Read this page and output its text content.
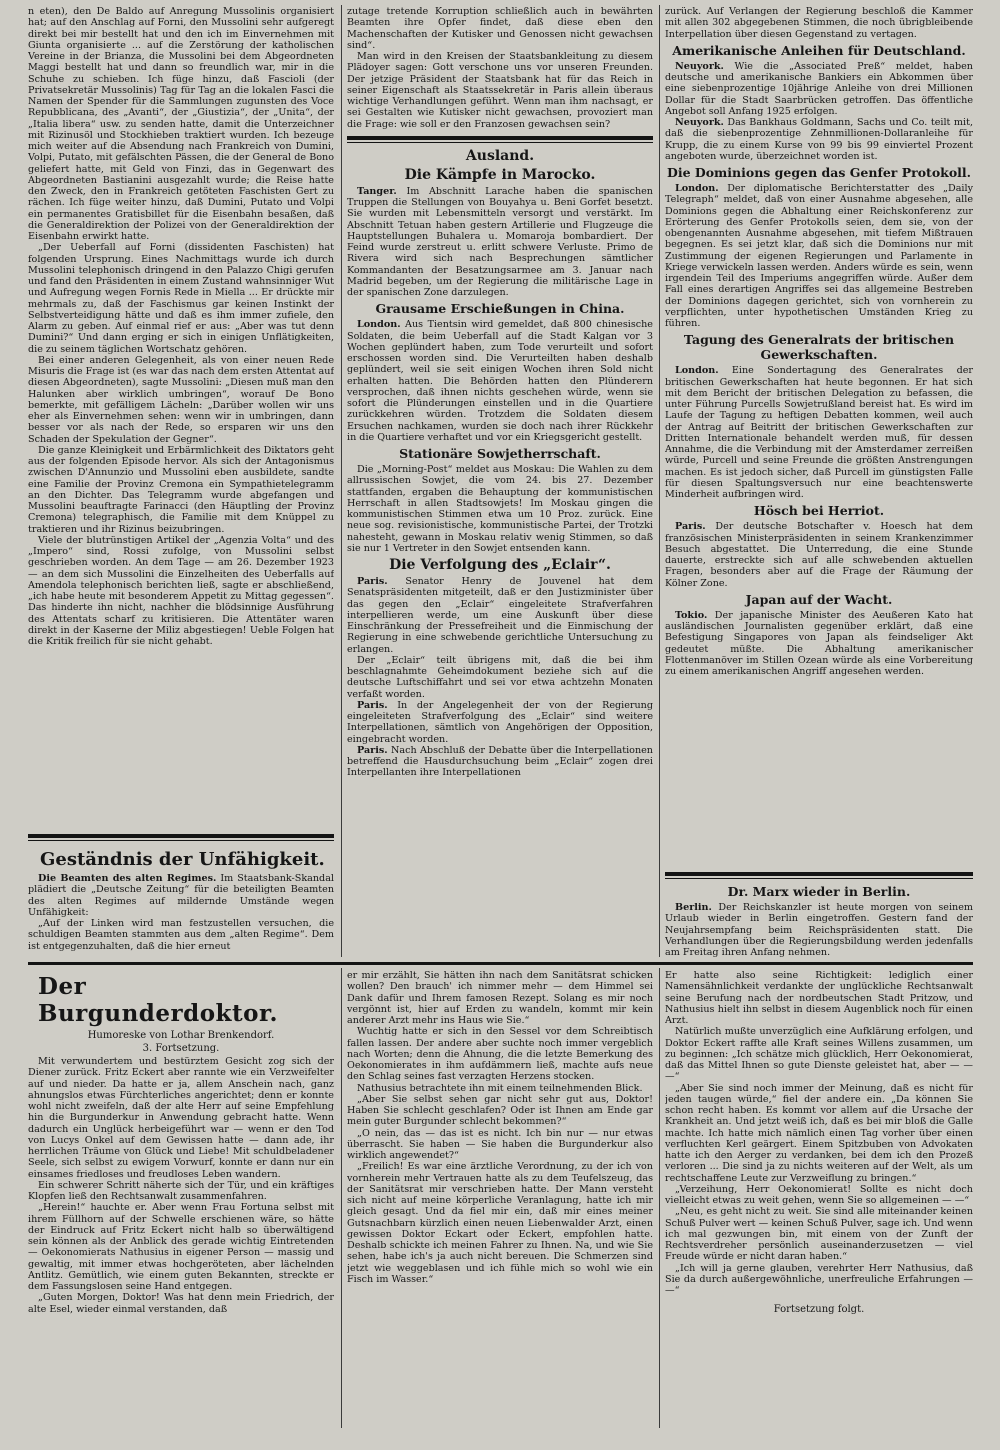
n eten), den De Baldo auf Anregung Mussolinis organisiert hat; auf den Anschlag auf Forni, den Mussolini sehr aufgeregt direkt bei mir bestellt hat und den ich im Einvernehmen mit Giunta organisierte ... auf die Zerstörung der katholischen Vereine in der Brianza, die Mussolini bei dem Abgeordneten Maggi bestellt hat und dann so freundlich war, mir in die Schuhe zu schieben. Ich füge hinzu, daß Fascioli (der Privatsekretär Mussolinis) Tag für Tag an die lokalen Fasci die Namen der Spender für die Sammlungen zugunsten des Voce Repubblicana, des „Avanti“, der „Giustizia“, der „Unita“, der „Italia libera“ usw. zu senden hatte, damit die Unterzeichner mit Rizinusöl und Stockhieben traktiert wurden. Ich bezeuge mich weiter auf die Absendung nach Frankreich von Dumini, Volpi, Putato, mit gefälschten Pässen, die der General de Bono geliefert hatte, mit Geld von Finzi, das in Gegenwart des Abgeordneten Bastianini ausgezahlt wurde; die Reise hatte den Zweck, den in Frankreich getöteten Faschisten Gert zu rächen. Ich füge weiter hinzu, daß Dumini, Putato und Volpi ein permanentes Gratisbillet für die Eisenbahn besaßen, daß die Generaldirektion der Polizei von der Generaldirektion der Eisenbahn erwirkt hatte.

„Der Ueberfall auf Forni (dissidenten Faschisten) hat folgenden Ursprung. Eines Nachmittags wurde ich durch Mussolini telephonisch dringend in den Palazzo Chigi gerufen und fand den Präsidenten in einem Zustand wahnsinniger Wut und Aufregung wegen Fornis Rede in Miella ... Er drückte mir mehrmals zu, daß der Faschismus gar keinen Instinkt der Selbstverteidigung hätte und daß es ihm immer zufiele, den Alarm zu geben. Auf einmal rief er aus: „Aber was tut denn Dumini?“ Und dann erging er sich in einigen Unflätigkeiten, die zu seinem täglichen Wortschatz gehören.

Bei einer anderen Gelegenheit, als von einer neuen Rede Misuris die Frage ist (es war das nach dem ersten Attentat auf diesen Abgeordneten), sagte Mussolini: „Diesen muß man den Halunken aber wirklich umbringen“, worauf De Bono bemerkte, mit gefälligem Lächeln: „Darüber wollen wir uns eher als Einvernehmen sehen: wenn wir in umbringen, dann besser vor als nach der Rede, so ersparen wir uns den Schaden der Spekulation der Gegner“.

Die ganze Kleinigkeit und Erbärmlichkeit des Diktators geht aus der folgenden Episode hervor. Als sich der Antagonismus zwischen D'Annunzio und Mussolini eben ausbildete, sandte eine Familie der Provinz Cremona ein Sympathietelegramm an den Dichter. Das Telegramm wurde abgefangen und Mussolini beauftragte Farinacci (den Häuptling der Provinz Cremona) telegraphisch, die Familie mit dem Knüppel zu traktieren und ihr Rizinus beizubringen.

Viele der blutrünstigen Artikel der „Agenzia Volta“ und des „Impero“ sind, Rossi zufolge, von Mussolini selbst geschrieben worden. An dem Tage — am 26. Dezember 1923 — an dem sich Mussolini die Einzelheiten des Ueberfalls auf Amendola telephonisch berichten ließ, sagte er abschließend, „ich habe heute mit besonderem Appetit zu Mittag gegessen“. Das hinderte ihn nicht, nachher die blödsinnige Ausführung des Attentats scharf zu kritisieren. Die Attentäter waren direkt in der Kaserne der Miliz abgestiegen! Ueble Folgen hat die Kritik freilich für sie nicht gehabt.

Geständnis der Unfähigkeit.

Die Beamten des alten Regimes. Im Staatsbank-Skandal plädiert die „Deutsche Zeitung“ für die beteiligten Beamten des alten Regimes auf mildernde Umstände wegen Unfähigkeit:

„Auf der Linken wird man festzustellen versuchen, die schuldigen Beamten stammten aus dem „alten Regime“. Dem ist entgegenzuhalten, daß die hier erneut

zutage tretende Korruption schließlich auch in bewährten Beamten ihre Opfer findet, daß diese eben den Machenschaften der Kutisker und Genossen nicht gewachsen sind“.

Man wird in den Kreisen der Staatsbankleitung zu diesem Plädoyer sagen: Gott verschone uns vor unseren Freunden. Der jetzige Präsident der Staatsbank hat für das Reich in seiner Eigenschaft als Staatssekretär in Paris allein überaus wichtige Verhandlungen geführt. Wenn man ihm nachsagt, er sei Gestalten wie Kutisker nicht gewachsen, provoziert man die Frage: wie soll er den Franzosen gewachsen sein?

Ausland.
Die Kämpfe in Marocko.

Tanger. Im Abschnitt Larache haben die spanischen Truppen die Stellungen von Bouyahya u. Beni Gorfet besetzt. Sie wurden mit Lebensmitteln versorgt und verstärkt. Im Abschnitt Tetuan haben gestern Artillerie und Flugzeuge die Hauptstellungen Buhalera u. Momaroja bombardiert. Der Feind wurde zerstreut u. erlitt schwere Verluste. Primo de Rivera wird sich nach Besprechungen sämtlicher Kommandanten der Besatzungsarmee am 3. Januar nach Madrid begeben, um der Regierung die militärische Lage in der spanischen Zone darzulegen.

Grausame Erschießungen in China.

London. Aus Tientsin wird gemeldet, daß 800 chinesische Soldaten, die beim Ueberfall auf die Stadt Kalgan vor 3 Wochen geplündert haben, zum Tode verurteilt und sofort erschossen worden sind. Die Verurteilten haben deshalb geplündert, weil sie seit einigen Wochen ihren Sold nicht erhalten hatten. Die Behörden hatten den Plünderern versprochen, daß ihnen nichts geschehen würde, wenn sie sofort die Plünderungen einstellen und in die Quartiere zurückkehren würden. Trotzdem die Soldaten diesem Ersuchen nachkamen, wurden sie doch nach ihrer Rückkehr in die Quartiere verhaftet und vor ein Kriegsgericht gestellt.

Stationäre Sowjetherrschaft.

Die „Morning-Post“ meldet aus Moskau: Die Wahlen zu dem allrussischen Sowjet, die vom 24. bis 27. Dezember stattfanden, ergaben die Behauptung der kommunistischen Herrschaft in allen Stadtsowjets! Im Moskau gingen die kommunistischen Stimmen etwa um 10 Proz. zurück. Eine neue sog. revisionistische, kommunistische Partei, der Trotzki nahesteht, gewann in Moskau relativ wenig Stimmen, so daß sie nur 1 Vertreter in den Sowjet entsenden kann.

Die Verfolgung des „Eclair“.

Paris. Senator Henry de Jouvenel hat dem Senatspräsidenten mitgeteilt, daß er den Justizminister über das gegen den „Eclair“ eingeleitete Strafverfahren interpellieren werde, um eine Auskunft über diese Einschränkung der Pressefreiheit und die Einmischung der Regierung in eine schwebende gerichtliche Untersuchung zu erlangen.

Der „Eclair“ teilt übrigens mit, daß die bei ihm beschlagnahmte Geheimdokument beziehe sich auf die deutsche Luftschiffahrt und sei vor etwa achtzehn Monaten verfaßt worden.

Paris. In der Angelegenheit der von der Regierung eingeleiteten Strafverfolgung des „Eclair“ sind weitere Interpellationen, sämtlich von Angehörigen der Opposition, eingebracht worden.

Paris. Nach Abschluß der Debatte über die Interpellationen betreffend die Hausdurchsuchung beim „Eclair“ zogen drei Interpellanten ihre Interpellationen

zurück. Auf Verlangen der Regierung beschloß die Kammer mit allen 302 abgegebenen Stimmen, die noch übrigbleibende Interpellation über diesen Gegenstand zu vertagen.

Amerikanische Anleihen für Deutschland.

Neuyork. Wie die „Associated Preß“ meldet, haben deutsche und amerikanische Bankiers ein Abkommen über eine siebenprozentige 10jährige Anleihe von drei Millionen Dollar für die Stadt Saarbrücken getroffen. Das öffentliche Angebot soll Anfang 1925 erfolgen.

Neuyork. Das Bankhaus Goldmann, Sachs und Co. teilt mit, daß die siebenprozentige Zehnmillionen-Dollaranleihe für Krupp, die zu einem Kurse von 99 bis 99 einviertel Prozent angeboten wurde, überzeichnet worden ist.

Die Dominions gegen das Genfer Protokoll.

London. Der diplomatische Berichterstatter des „Daily Telegraph“ meldet, daß von einer Ausnahme abgesehen, alle Dominions gegen die Abhaltung einer Reichskonferenz zur Erörterung des Genfer Protokolls seien, dem sie, von der obengenannten Ausnahme abgesehen, mit tiefem Mißtrauen begegnen. Es sei jetzt klar, daß sich die Dominions nur mit Zustimmung der eigenen Regierungen und Parlamente in Kriege verwickeln lassen werden. Anders würde es sein, wenn irgendein Teil des Imperiums angegriffen würde. Außer dem Fall eines derartigen Angriffes sei das allgemeine Bestreben der Dominions dagegen gerichtet, sich von vornherein zu verpflichten, unter hypothetischen Umständen Krieg zu führen.

Tagung des Generalrats der britischen Gewerkschaften.

London. Eine Sondertagung des Generalrates der britischen Gewerkschaften hat heute begonnen. Er hat sich mit dem Bericht der britischen Delegation zu befassen, die unter Führung Purcells Sowjetrußland bereist hat. Es wird im Laufe der Tagung zu heftigen Debatten kommen, weil auch der Antrag auf Beitritt der britischen Gewerkschaften zur Dritten Internationale behandelt werden muß, für dessen Annahme, die die Verbindung mit der Amsterdamer zerreißen würde, Purcell und seine Freunde die größten Anstrengungen machen. Es ist jedoch sicher, daß Purcell im günstigsten Falle für diesen Spaltungsversuch nur eine beachtenswerte Minderheit aufbringen wird.

Hösch bei Herriot.

Paris. Der deutsche Botschafter v. Hoesch hat dem französischen Ministerpräsidenten in seinem Krankenzimmer Besuch abgestattet. Die Unterredung, die eine Stunde dauerte, erstreckte sich auf alle schwebenden aktuellen Fragen, besonders aber auf die Frage der Räumung der Kölner Zone.

Japan auf der Wacht.

Tokio. Der japanische Minister des Aeußeren Kato hat ausländischen Journalisten gegenüber erklärt, daß eine Befestigung Singapores von Japan als feindseliger Akt gedeutet müßte. Die Abhaltung amerikanischer Flottenmanöver im Stillen Ozean würde als eine Vorbereitung zu einem amerikanischen Angriff angesehen werden.

Dr. Marx wieder in Berlin.

Berlin. Der Reichskanzler ist heute morgen von seinem Urlaub wieder in Berlin eingetroffen. Gestern fand der Neujahrsempfang beim Reichspräsidenten statt. Die Verhandlungen über die Regierungsbildung werden jedenfalls am Freitag ihren Anfang nehmen.

Der Burgunderdoktor.
Humoreske von Lothar Brenkendorf.
3. Fortsetzung.

Mit verwundertem und bestürztem Gesicht zog sich der Diener zurück. Fritz Eckert aber rannte wie ein Verzweifelter auf und nieder. Da hatte er ja, allem Anschein nach, ganz ahnungslos etwas Fürchterliches angerichtet; denn er konnte wohl nicht zweifeln, daß der alte Herr auf seine Empfehlung hin die Burgunderkur in Anwendung gebracht hatte. Wenn dadurch ein Unglück herbeigeführt war — wenn er den Tod von Lucys Onkel auf dem Gewissen hatte — dann ade, ihr herrlichen Träume von Glück und Liebe! Mit schuldbeladener Seele, sich selbst zu ewigem Vorwurf, konnte er dann nur ein einsames friedloses und freudloses Leben wandern.

Ein schwerer Schritt näherte sich der Tür, und ein kräftiges Klopfen ließ den Rechtsanwalt zusammenfahren.

„Herein!“ hauchte er. Aber wenn Frau Fortuna selbst mit ihrem Füllhorn auf der Schwelle erschienen wäre, so hätte der Eindruck auf Fritz Eckert nicht halb so überwältigend sein können als der Anblick des gerade wichtig Eintretenden — Oekonomierats Nathusius in eigener Person — massig und gewaltig, mit immer etwas hochgeröteten, aber lächelnden Antlitz. Gemütlich, wie einem guten Bekannten, streckte er dem Fassungslosen seine Hand entgegen.

„Guten Morgen, Doktor! Was hat denn mein Friedrich, der alte Esel, wieder einmal verstanden, daß

er mir erzählt, Sie hätten ihn nach dem Sanitätsrat schicken wollen? Den brauch' ich nimmer mehr — dem Himmel sei Dank dafür und Ihrem famosen Rezept. Solang es mir noch vergönnt ist, hier auf Erden zu wandeln, kommt mir kein anderer Arzt mehr ins Haus wie Sie.“

Wuchtig hatte er sich in den Sessel vor dem Schreibtisch fallen lassen. Der andere aber suchte noch immer vergeblich nach Worten; denn die Ahnung, die die letzte Bemerkung des Oekonomierates in ihm aufdämmern ließ, machte aufs neue den Schlag seines fast verzagten Herzens stocken.

Nathusius betrachtete ihn mit einem teilnehmenden Blick.

„Aber Sie selbst sehen gar nicht sehr gut aus, Doktor! Haben Sie schlecht geschlafen? Oder ist Ihnen am Ende gar mein guter Burgunder schlecht bekommen?“

„O nein, das — das ist es nicht. Ich bin nur — nur etwas überrascht. Sie haben — Sie haben die Burgunderkur also wirklich angewendet?“

„Freilich! Es war eine ärztliche Verordnung, zu der ich von vornherein mehr Vertrauen hatte als zu dem Teufelszeug, das der Sanitätsrat mir verschrieben hatte. Der Mann versteht sich nicht auf meine körperliche Veranlagung, hatte ich mir gleich gesagt. Und da fiel mir ein, daß mir eines meiner Gutsnachbarn kürzlich einen neuen Liebenwalder Arzt, einen gewissen Doktor Eckart oder Eckert, empfohlen hatte. Deshalb schickte ich meinen Fahrer zu Ihnen. Na, und wie Sie sehen, habe ich's ja auch nicht bereuen. Die Schmerzen sind jetzt wie weggeblasen und ich fühle mich so wohl wie ein Fisch im Wasser.“

Er hatte also seine Richtigkeit: lediglich einer Namensähnlichkeit verdankte der unglückliche Rechtsanwalt seine Berufung nach der nordbeutschen Stadt Pritzow, und Nathusius hielt ihn selbst in diesem Augenblick noch für einen Arzt.

Natürlich mußte unverzüglich eine Aufklärung erfolgen, und Doktor Eckert raffte alle Kraft seines Willens zusammen, um zu beginnen: „Ich schätze mich glücklich, Herr Oekonomierat, daß das Mittel Ihnen so gute Dienste geleistet hat, aber — — —“

„Aber Sie sind noch immer der Meinung, daß es nicht für jeden taugen würde,“ fiel der andere ein. „Da können Sie schon recht haben. Es kommt vor allem auf die Ursache der Krankheit an. Und jetzt weiß ich, daß es bei mir bloß die Galle machte. Ich hatte mich nämlich einen Tag vorher über einen verfluchten Kerl geärgert. Einem Spitzbuben von Advokaten hatte ich den Aerger zu verdanken, bei dem ich den Prozeß verloren ... Die sind ja zu nichts weiteren auf der Welt, als um rechtschaffene Leute zur Verzweiflung zu bringen.“

„Verzeihung, Herr Oekonomierat! Sollte es nicht doch vielleicht etwas zu weit gehen, wenn Sie so allgemeinen — —“

„Neu, es geht nicht zu weit. Sie sind alle miteinander keinen Schuß Pulver wert — keinen Schuß Pulver, sage ich. Und wenn ich mal gezwungen bin, mit einem von der Zunft der Rechtsverdreher persönlich auseinanderzusetzen — viel Freude würde er nicht daran haben.“

„Ich will ja gerne glauben, verehrter Herr Nathusius, daß Sie da durch außergewöhnliche, unerfreuliche Erfahrungen — —“

Fortsetzung folgt.
